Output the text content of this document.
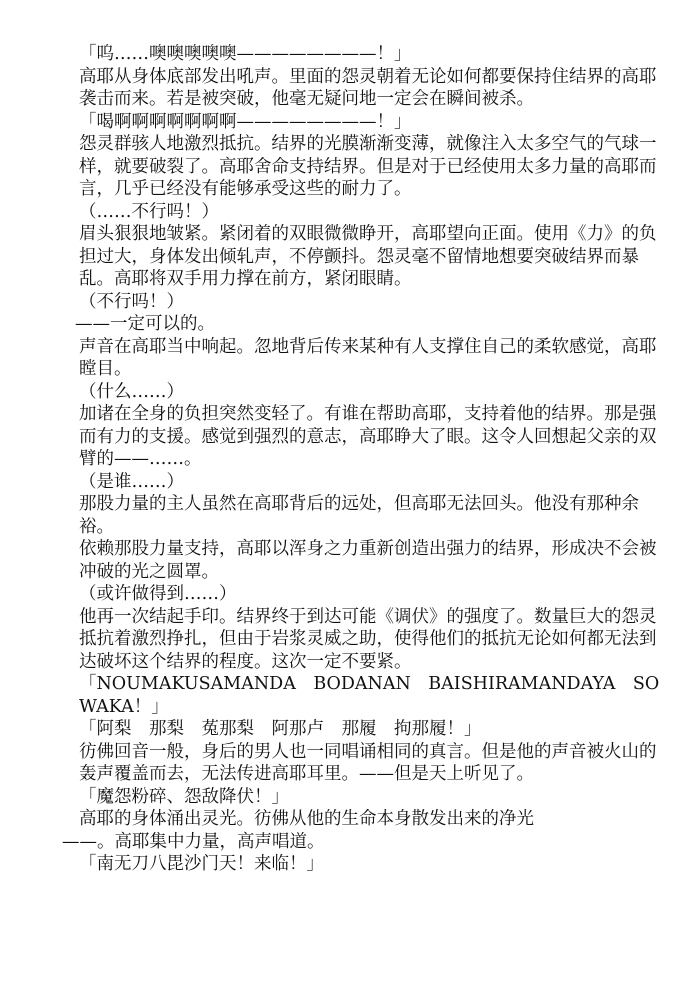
「呜……噢噢噢噢噢————————！」

高耶从身体底部发出吼声。里面的怨灵朝着无论如何都要保持住结界的高耶袭击而来。若是被突破，他毫无疑问地一定会在瞬间被杀。

「喝啊啊啊啊啊啊啊————————！」

怨灵群骇人地激烈抵抗。结界的光膜渐渐变薄，就像注入太多空气的气球一样，就要破裂了。高耶舍命支持结界。但是对于已经使用太多力量的高耶而言，几乎已经没有能够承受这些的耐力了。

（……不行吗！）

眉头狠狠地皱紧。紧闭着的双眼微微睁开，高耶望向正面。使用《力》的负担过大，身体发出倾轧声，不停颤抖。怨灵毫不留情地想要突破结界而暴乱。高耶将双手用力撑在前方，紧闭眼睛。

（不行吗！）

——一定可以的。

声音在高耶当中响起。忽地背后传来某种有人支撑住自己的柔软感觉，高耶瞠目。

（什么……）

加诸在全身的负担突然变轻了。有谁在帮助高耶，支持着他的结界。那是强而有力的支援。感觉到强烈的意志，高耶睁大了眼。这令人回想起父亲的双臂的——……。

（是谁……）

那股力量的主人虽然在高耶背后的远处，但高耶无法回头。他没有那种余裕。

依赖那股力量支持，高耶以浑身之力重新创造出强力的结界，形成决不会被冲破的光之圆罩。

（或许做得到……）

他再一次结起手印。结界终于到达可能《调伏》的强度了。数量巨大的怨灵抵抗着激烈挣扎，但由于岩浆灵威之助，使得他们的抵抗无论如何都无法到达破坏这个结界的程度。这次一定不要紧。

「NOUMAKUSAMANDA　BODANAN　BAISHIRAMANDAYA　SOWAKA！」

「阿梨　那梨　菟那梨　阿那卢　那履　拘那履！」

彷佛回音一般，身后的男人也一同唱诵相同的真言。但是他的声音被火山的轰声覆盖而去，无法传进高耶耳里。——但是天上听见了。

「魔怨粉碎、怨敌降伏！」

高耶的身体涌出灵光。彷佛从他的生命本身散发出来的净光

——。高耶集中力量，高声唱道。

「南无刀八毘沙门天！来临！」
